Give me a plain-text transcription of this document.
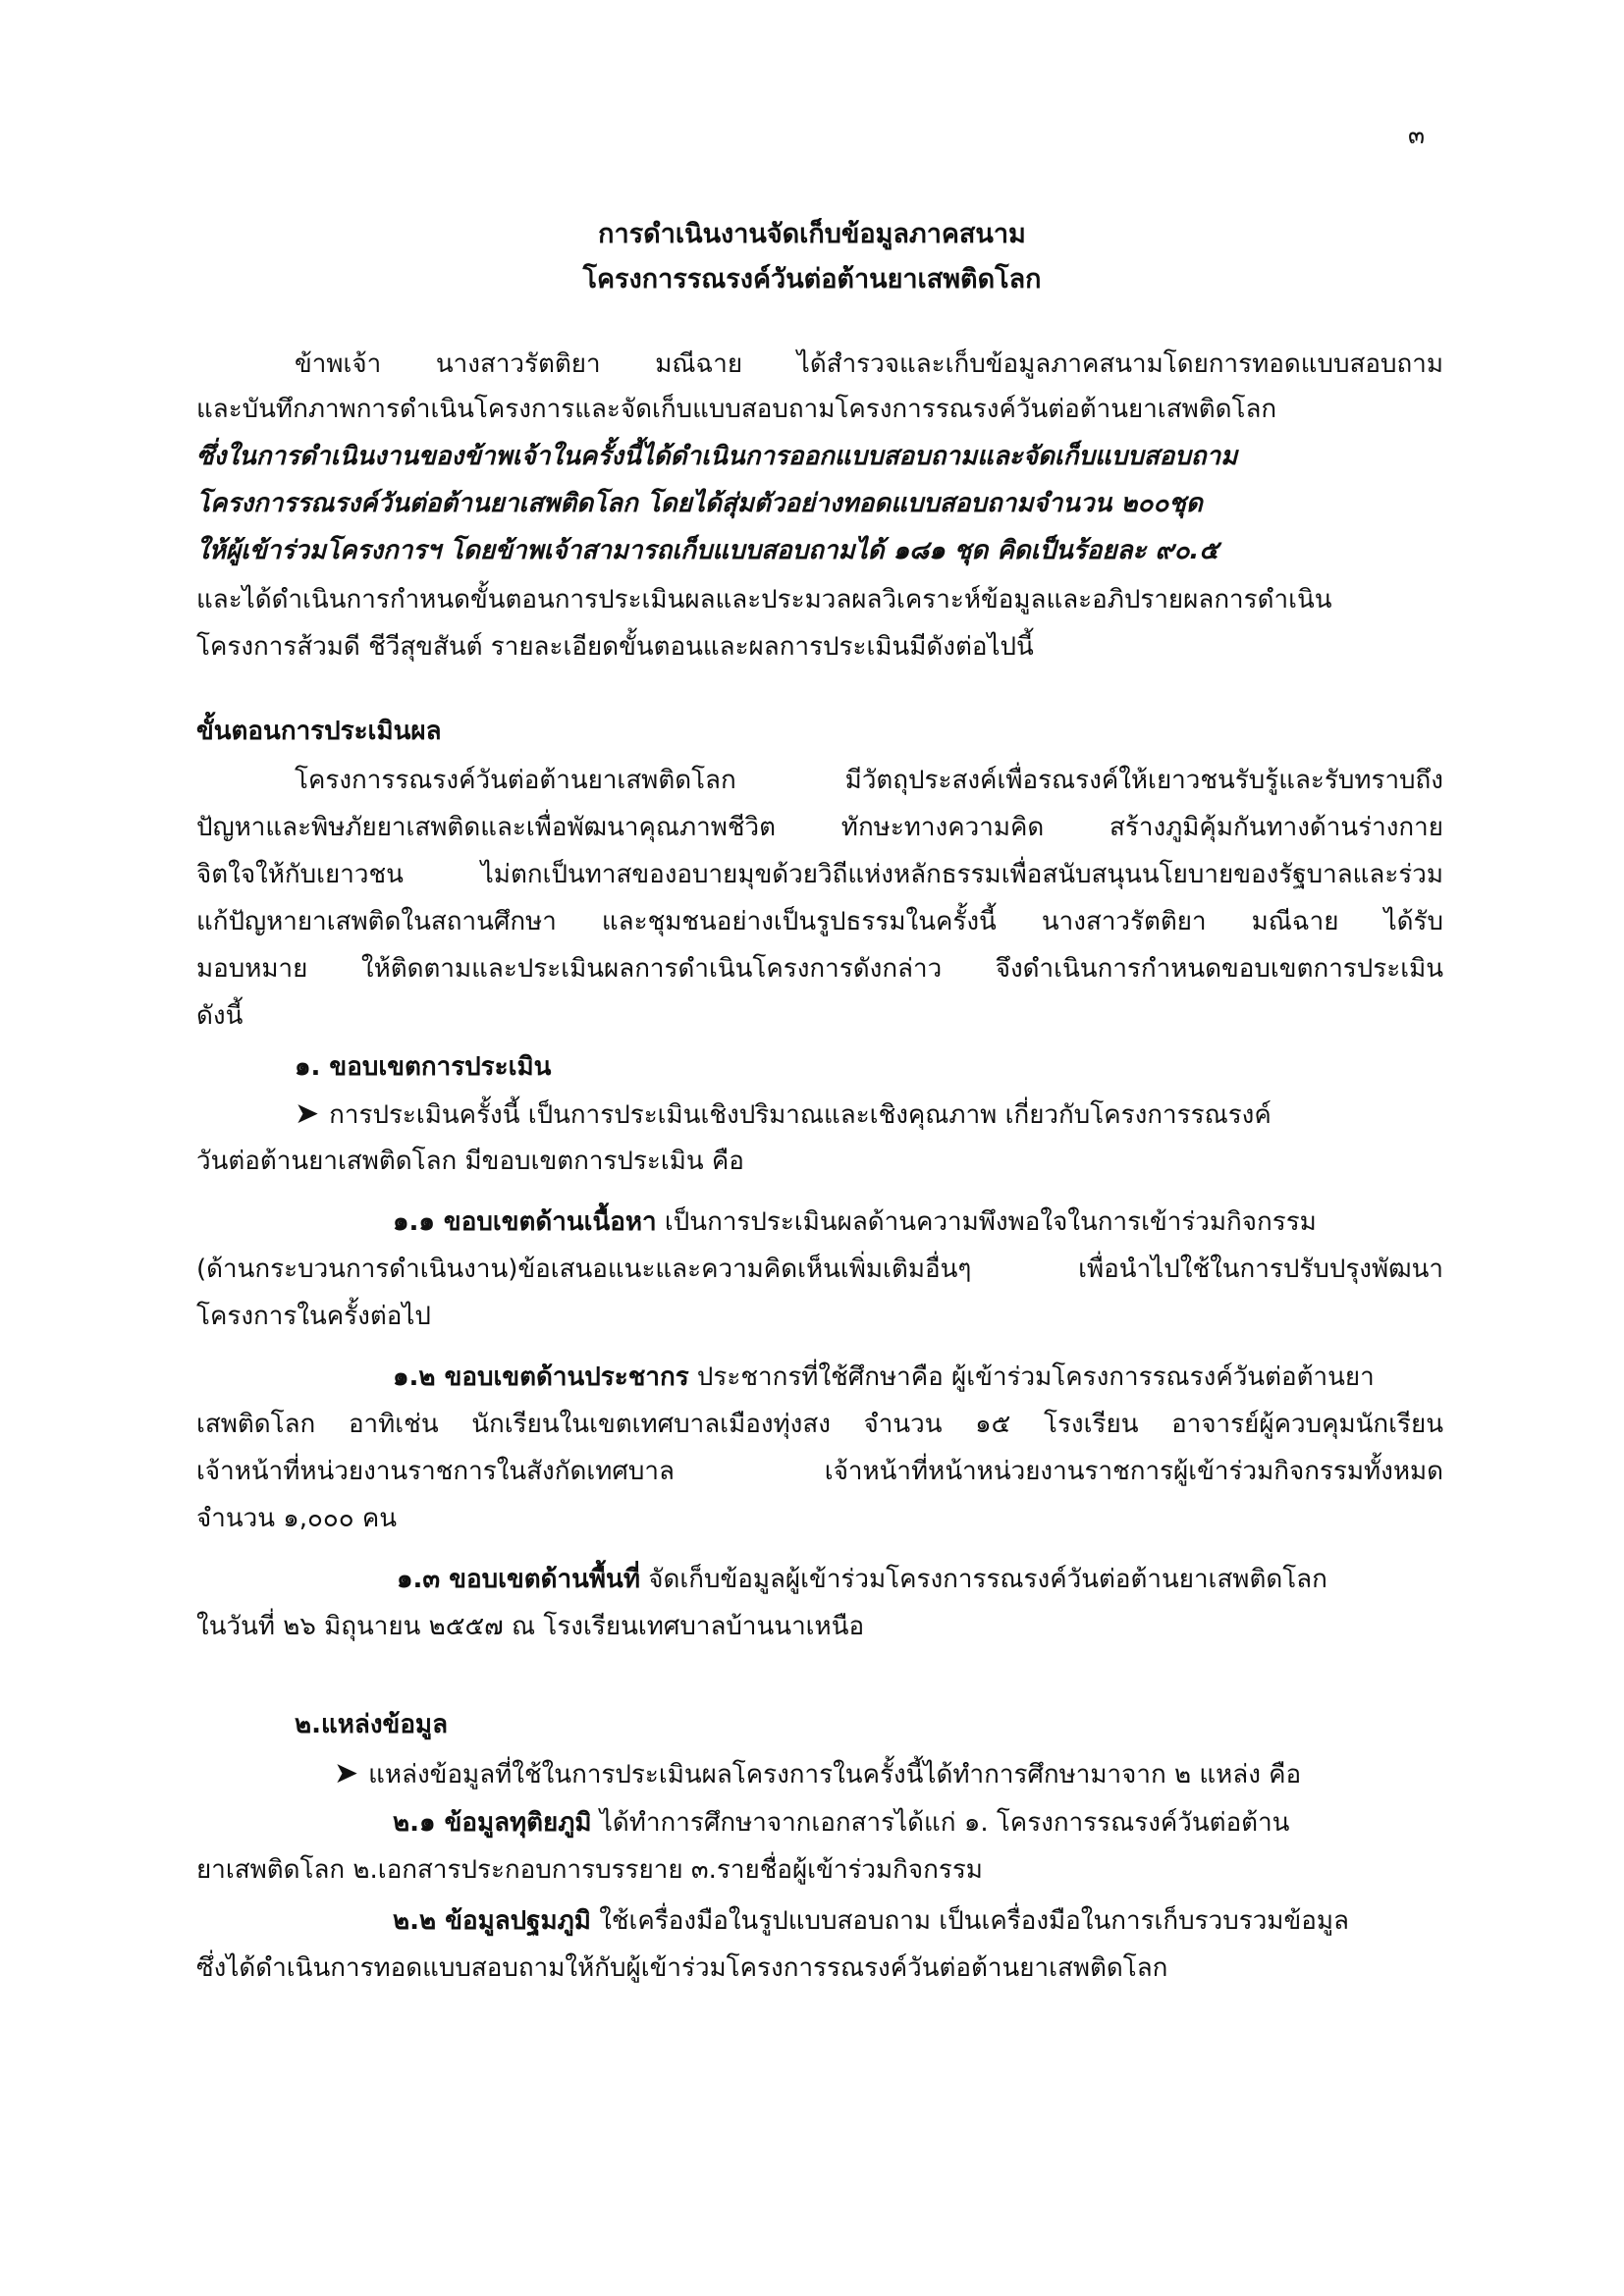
๓
การดำเนินงานจัดเก็บข้อมูลภาคสนาม
โครงการรณรงค์วันต่อต้านยาเสพติดโลก
ข้าพเจ้า นางสาวรัตติยา มณีฉาย ได้สำรวจและเก็บข้อมูลภาคสนามโดยการทอดแบบสอบถาม
และบันทึกภาพการดำเนินโครงการและจัดเก็บแบบสอบถามโครงการรณรงค์วันต่อต้านยาเสพติดโลก
ซึ่งในการดำเนินงานของข้าพเจ้าในครั้งนี้ได้ดำเนินการออกแบบสอบถามและจัดเก็บแบบสอบถาม
โครงการรณรงค์วันต่อต้านยาเสพติดโลก โดยได้สุ่มตัวอย่างทอดแบบสอบถามจำนวน ๒๐๐ชุด
ให้ผู้เข้าร่วมโครงการฯ โดยข้าพเจ้าสามารถเก็บแบบสอบถามได้ ๑๘๑ ชุด คิดเป็นร้อยละ ๙๐.๕
และได้ดำเนินการกำหนดขั้นตอนการประเมินผลและประมวลผลวิเคราะห์ข้อมูลและอภิปรายผลการดำเนิน
โครงการส้วมดี ชีวีสุขสันต์ รายละเอียดขั้นตอนและผลการประเมินมีดังต่อไปนี้
ขั้นตอนการประเมินผล
โครงการรณรงค์วันต่อต้านยาเสพติดโลก มีวัตถุประสงค์เพื่อรณรงค์ให้เยาวชนรับรู้และรับทราบถึง
ปัญหาและพิษภัยยาเสพติดและเพื่อพัฒนาคุณภาพชีวิต ทักษะทางความคิด สร้างภูมิคุ้มกันทางด้านร่างกาย
จิตใจให้กับเยาวชน ไม่ตกเป็นทาสของอบายมุขด้วยวิถีแห่งหลักธรรมเพื่อสนับสนุนนโยบายของรัฐบาลและร่วม
แก้ปัญหายาเสพติดในสถานศึกษา และชุมชนอย่างเป็นรูปธรรมในครั้งนี้ นางสาวรัตติยา มณีฉาย ได้รับ
มอบหมาย ให้ติดตามและประเมินผลการดำเนินโครงการดังกล่าว จึงดำเนินการกำหนดขอบเขตการประเมิน
ดังนี้
๑. ขอบเขตการประเมิน
➤ การประเมินครั้งนี้ เป็นการประเมินเชิงปริมาณและเชิงคุณภาพ เกี่ยวกับโครงการรณรงค์
วันต่อต้านยาเสพติดโลก มีขอบเขตการประเมิน คือ
๑.๑ ขอบเขตด้านเนื้อหา เป็นการประเมินผลด้านความพึงพอใจในการเข้าร่วมกิจกรรม
(ด้านกระบวนการดำเนินงาน)ข้อเสนอแนะและความคิดเห็นเพิ่มเติมอื่นๆ เพื่อนำไปใช้ในการปรับปรุงพัฒนา
โครงการในครั้งต่อไป
๑.๒ ขอบเขตด้านประชากร ประชากรที่ใช้ศึกษาคือ ผู้เข้าร่วมโครงการรณรงค์วันต่อต้านยา
เสพติดโลก อาทิเช่น นักเรียนในเขตเทศบาลเมืองทุ่งสง จำนวน ๑๕ โรงเรียน อาจารย์ผู้ควบคุมนักเรียน
เจ้าหน้าที่หน่วยงานราชการในสังกัดเทศบาล เจ้าหน้าที่หน้าหน่วยงานราชการผู้เข้าร่วมกิจกรรมทั้งหมด
จำนวน ๑,๐๐๐ คน
๑.๓ ขอบเขตด้านพื้นที่ จัดเก็บข้อมูลผู้เข้าร่วมโครงการรณรงค์วันต่อต้านยาเสพติดโลก
ในวันที่ ๒๖ มิถุนายน ๒๕๕๗ ณ โรงเรียนเทศบาลบ้านนาเหนือ
๒.แหล่งข้อมูล
➤ แหล่งข้อมูลที่ใช้ในการประเมินผลโครงการในครั้งนี้ได้ทำการศึกษามาจาก ๒ แหล่ง คือ
๒.๑ ข้อมูลทุติยภูมิ ได้ทำการศึกษาจากเอกสารได้แก่ ๑. โครงการรณรงค์วันต่อต้าน
ยาเสพติดโลก ๒.เอกสารประกอบการบรรยาย ๓.รายชื่อผู้เข้าร่วมกิจกรรม
๒.๒ ข้อมูลปฐมภูมิ ใช้เครื่องมือในรูปแบบสอบถาม เป็นเครื่องมือในการเก็บรวบรวมข้อมูล
ซึ่งได้ดำเนินการทอดแบบสอบถามให้กับผู้เข้าร่วมโครงการรณรงค์วันต่อต้านยาเสพติดโลก
